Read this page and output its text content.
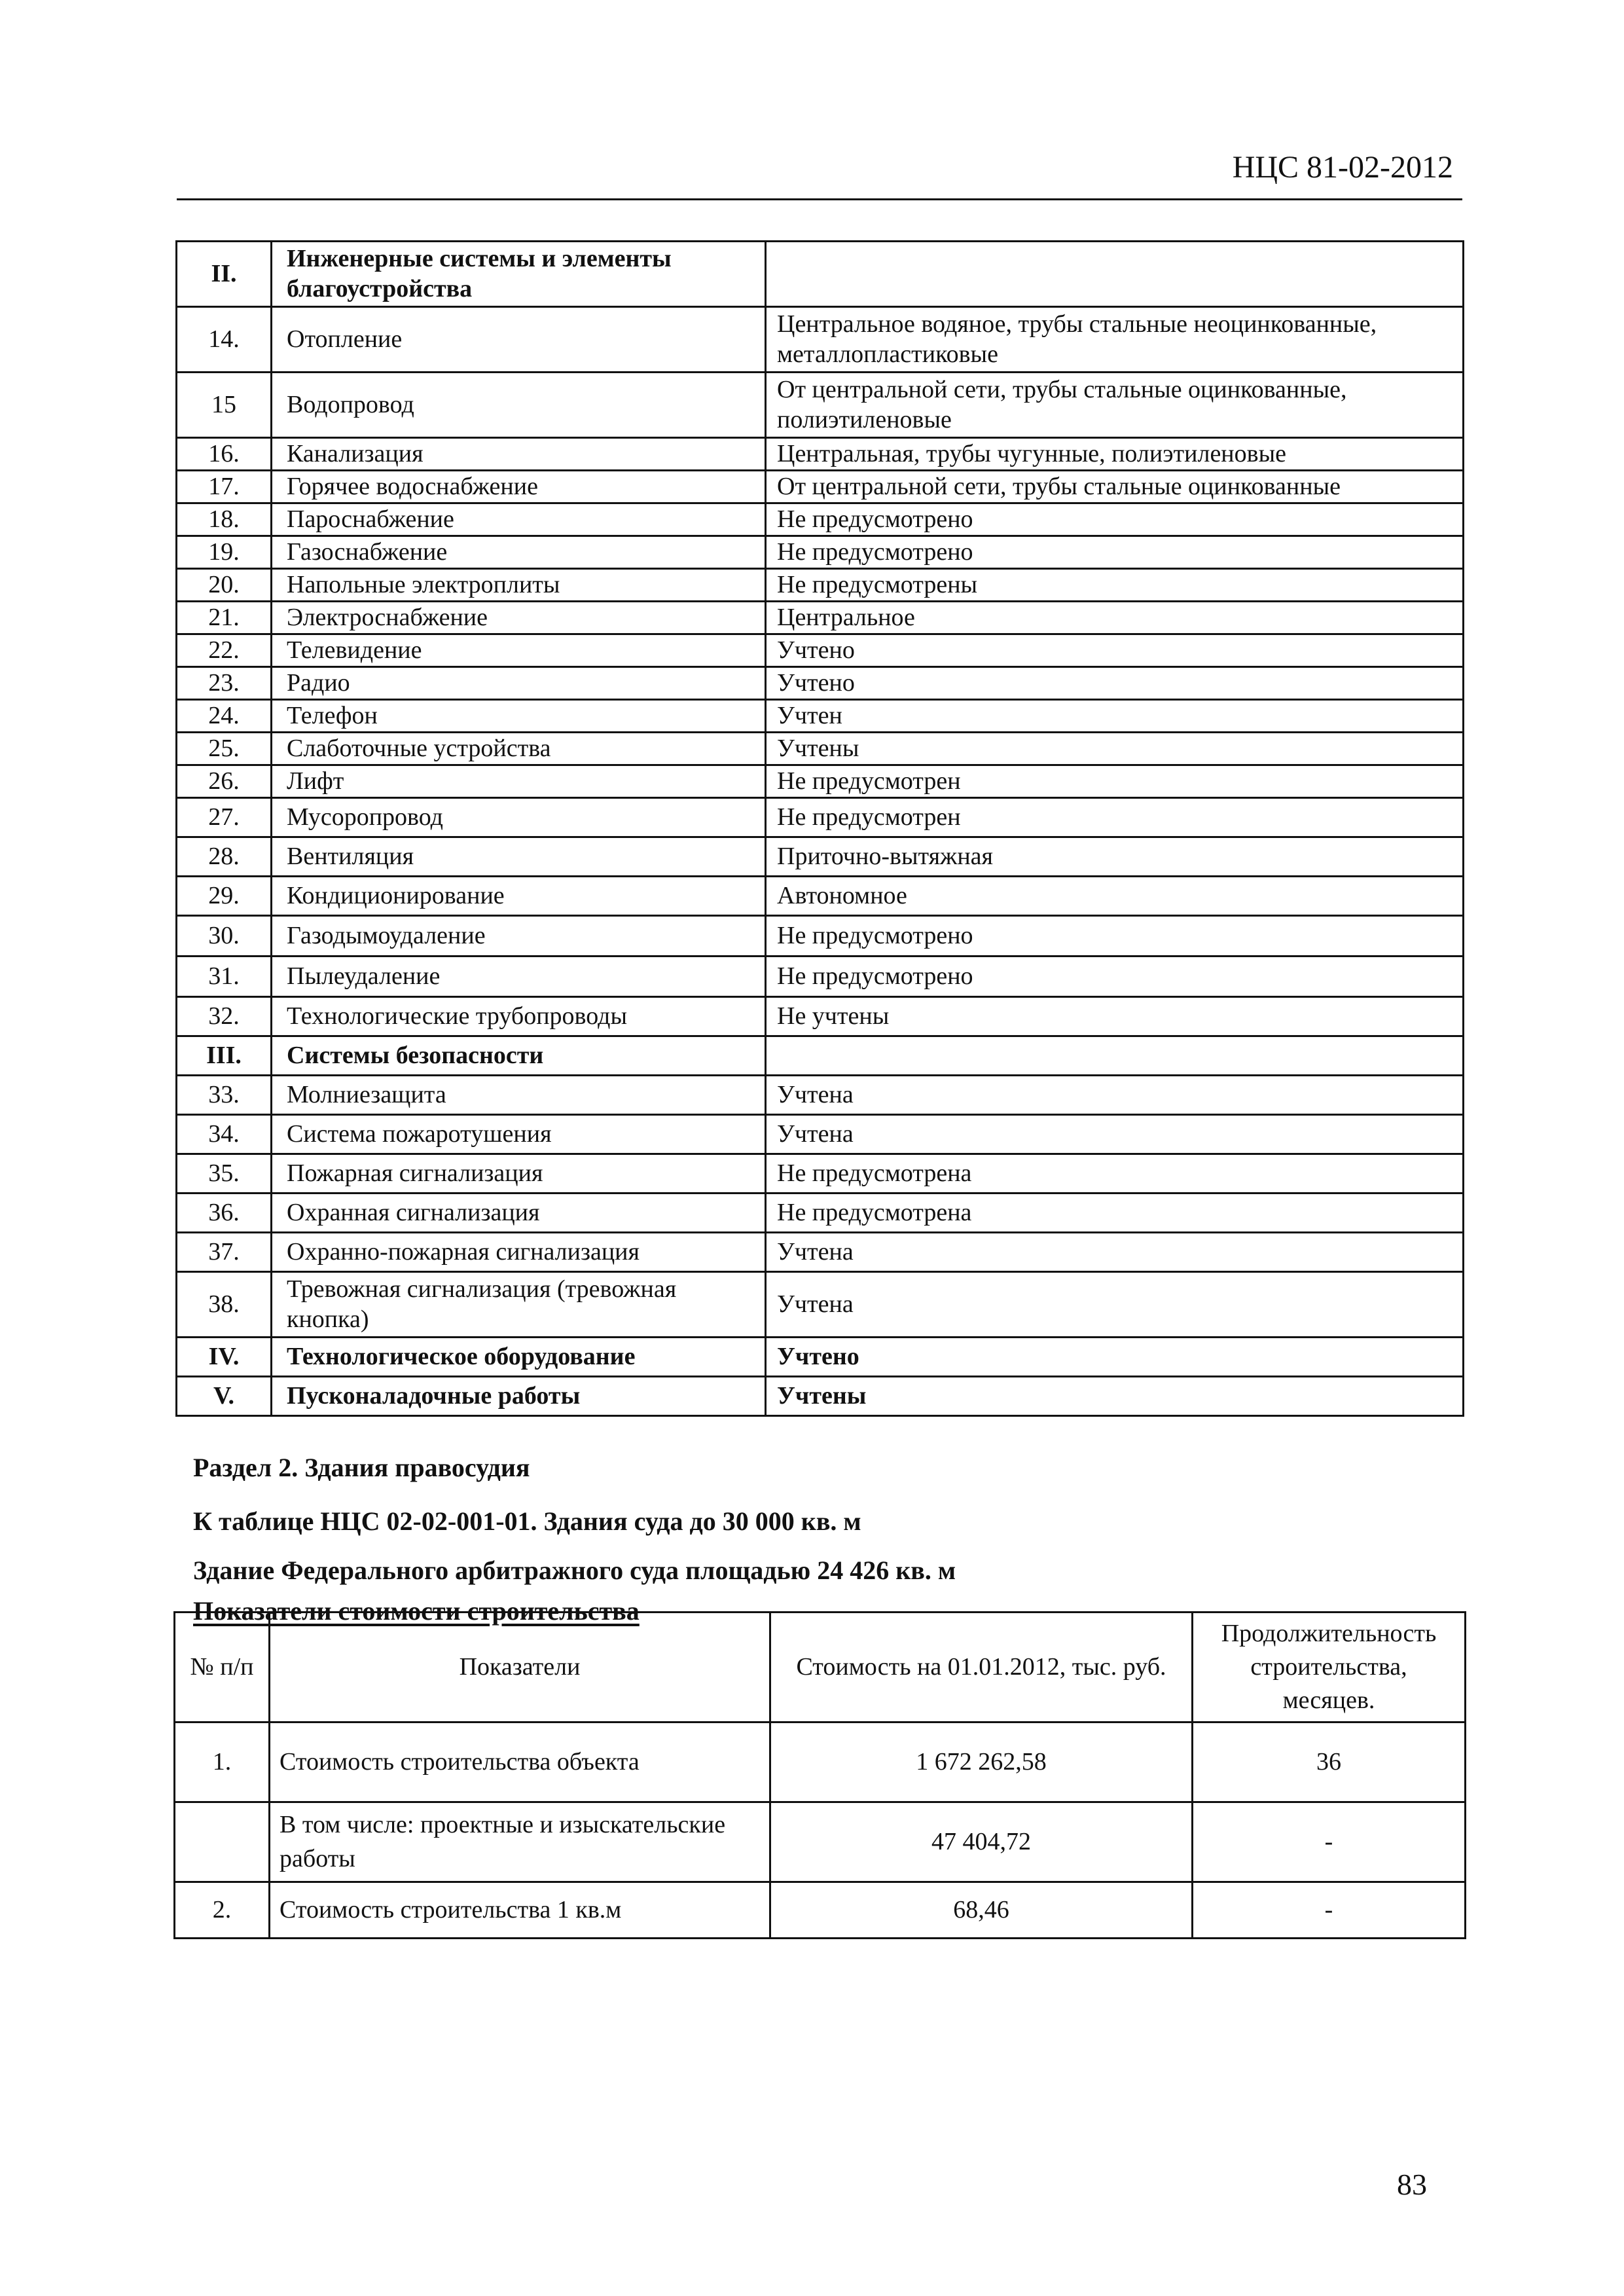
НЦС 81-02-2012
II.	Инженерные системы и элементы благоустройства	
14.	Отопление	Центральное водяное, трубы стальные неоцинкованные, металлопластиковые
15	Водопровод	От центральной сети, трубы стальные оцинкованные, полиэтиленовые
16.	Канализация	Центральная, трубы чугунные, полиэтиленовые
17.	Горячее водоснабжение	От центральной сети, трубы стальные оцинкованные
18.	Пароснабжение	Не предусмотрено
19.	Газоснабжение	Не предусмотрено
20.	Напольные электроплиты	Не предусмотрены
21.	Электроснабжение	Центральное
22.	Телевидение	Учтено
23.	Радио	Учтено
24.	Телефон	Учтен
25.	Слаботочные устройства	Учтены
26.	Лифт	Не предусмотрен
27.	Мусоропровод	Не предусмотрен
28.	Вентиляция	Приточно-вытяжная
29.	Кондиционирование	Автономное
30.	Газодымоудаление	Не предусмотрено
31.	Пылеудаление	Не предусмотрено
32.	Технологические трубопроводы	Не учтены
III.	Системы безопасности	
33.	Молниезащита	Учтена
34.	Система пожаротушения	Учтена
35.	Пожарная сигнализация	Не предусмотрена
36.	Охранная сигнализация	Не предусмотрена
37.	Охранно-пожарная сигнализация	Учтена
38.	Тревожная сигнализация (тревожная кнопка)	Учтена
IV.	Технологическое оборудование	Учтено
V.	Пусконаладочные работы	Учтены
Раздел 2. Здания правосудия
К таблице НЦС 02-02-001-01. Здания суда до 30 000 кв. м
Здание Федерального арбитражного суда площадью 24 426 кв. м
Показатели стоимости строительства
№ п/п	Показатели	Стоимость на 01.01.2012, тыс. руб.	Продолжительность строительства, месяцев.
1.	Стоимость строительства объекта	1 672 262,58	36
	В том числе: проектные и изыскательские работы	47 404,72	-
2.	Стоимость строительства 1 кв.м	68,46	-
83
